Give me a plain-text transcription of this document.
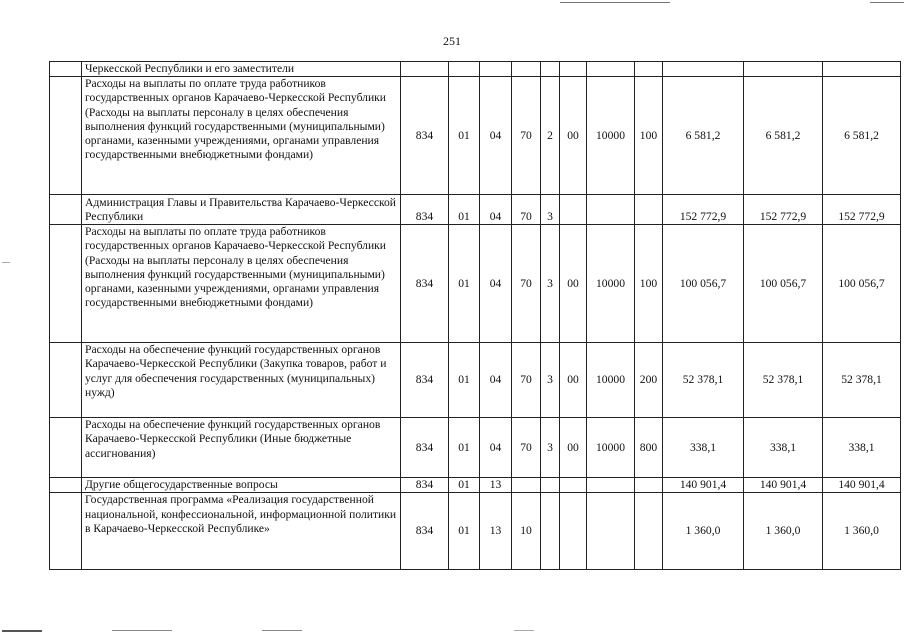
251
	Черкесской Республики и его заместители											
	Расходы на выплаты по оплате труда работников государственных органов Карачаево-Черкесской Республики (Расходы на выплаты персоналу в целях обеспечения выполнения функций государственными (муниципальными) органами, казенными учреждениями, органами управления государственными внебюджетными фондами)	834	01	04	70	2	00	10000	100	6 581,2	6 581,2	6 581,2
	Администрация Главы и Правительства Карачаево-Черкесской Республики	834	01	04	70	3				152 772,9	152 772,9	152 772,9
	Расходы на выплаты по оплате труда работников государственных органов Карачаево-Черкесской Республики (Расходы на выплаты персоналу в целях обеспечения выполнения функций государственными (муниципальными) органами, казенными учреждениями, органами управления государственными внебюджетными фондами)	834	01	04	70	3	00	10000	100	100 056,7	100 056,7	100 056,7
	Расходы на обеспечение функций государственных органов Карачаево-Черкесской Республики (Закупка товаров, работ и услуг для обеспечения государственных (муниципальных) нужд)	834	01	04	70	3	00	10000	200	52 378,1	52 378,1	52 378,1
	Расходы на обеспечение функций государственных органов Карачаево-Черкесской Республики (Иные бюджетные ассигнования)	834	01	04	70	3	00	10000	800	338,1	338,1	338,1
	Другие общегосударственные вопросы	834	01	13						140 901,4	140 901,4	140 901,4
	Государственная программа «Реализация государственной национальной, конфессиональной, информационной политики в Карачаево-Черкесской Республике»	834	01	13	10					1 360,0	1 360,0	1 360,0
